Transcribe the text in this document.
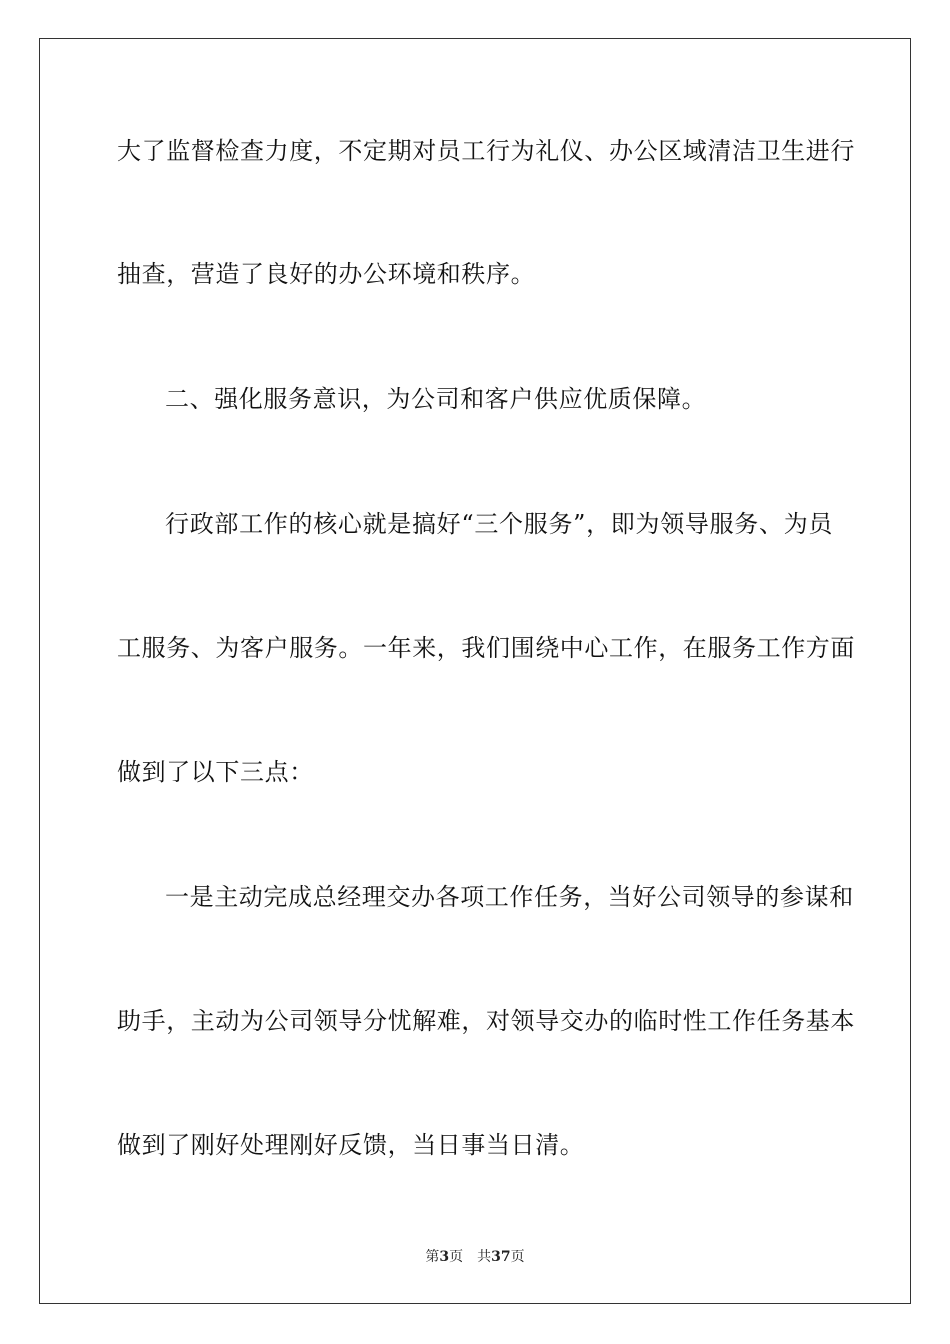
大了监督检查力度，不定期对员工行为礼仪、办公区域清洁卫生进行
抽查，营造了良好的办公环境和秩序。
二、强化服务意识，为公司和客户供应优质保障。
行政部工作的核心就是搞好“三个服务”，即为领导服务、为员
工服务、为客户服务。一年来，我们围绕中心工作，在服务工作方面
做到了以下三点：
一是主动完成总经理交办各项工作任务，当好公司领导的参谋和
助手，主动为公司领导分忧解难，对领导交办的临时性工作任务基本
做到了刚好处理刚好反馈，当日事当日清。
第3页 共37页
